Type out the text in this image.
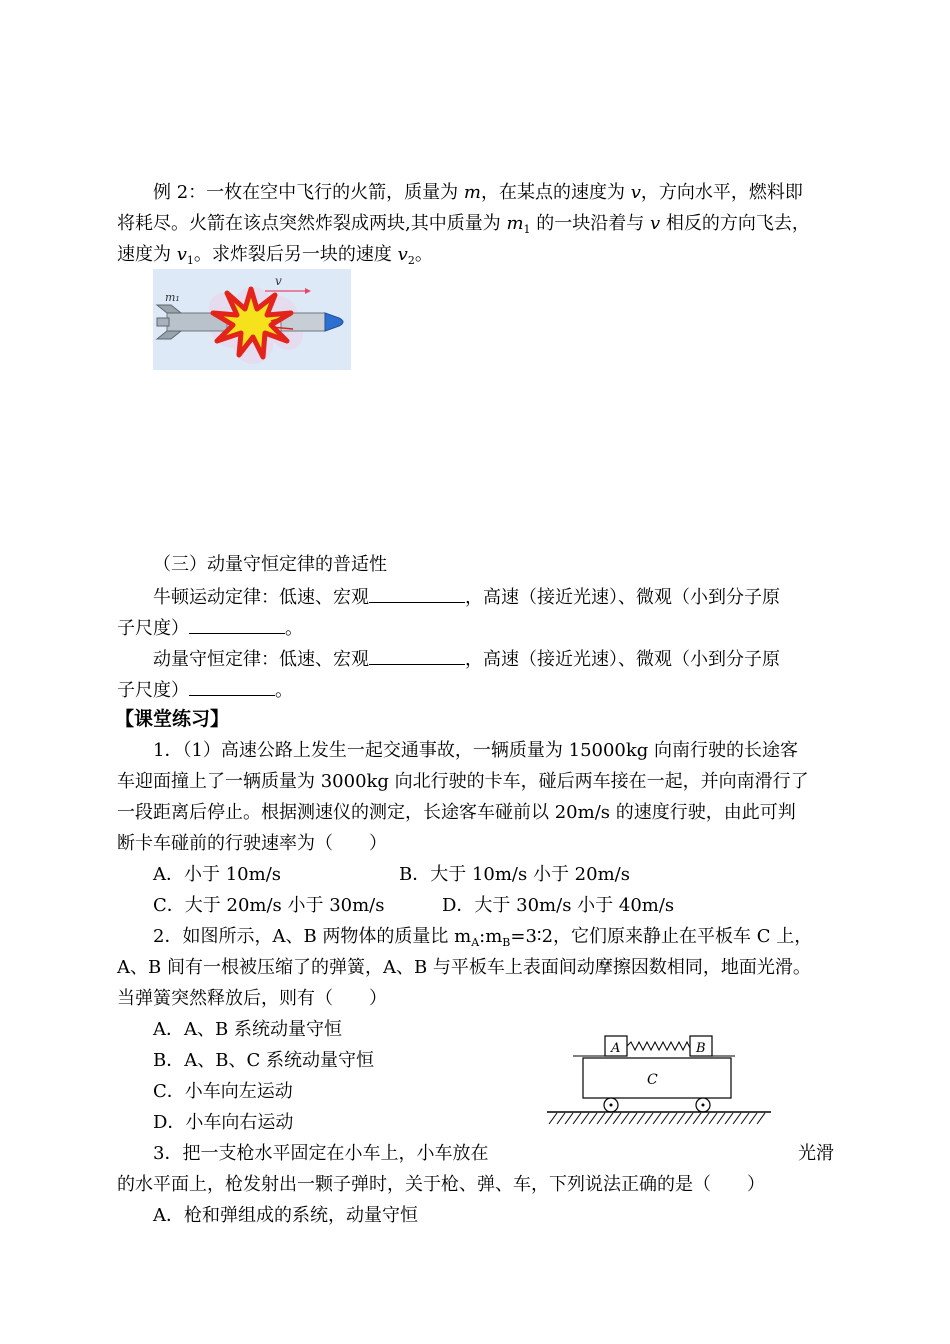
例 2：一枚在空中飞行的火箭，质量为 m，在某点的速度为 v，方向水平，燃料即
将耗尽。火箭在该点突然炸裂成两块,其中质量为 $m_1$ 的一块沿着与 v 相反的方向飞去，
速度为 $v_1$。求炸裂后另一块的速度 $v_2$。
v
m₁
（三）动量守恒定律的普适性
牛顿运动定律：低速、宏观	，高速（接近光速）、微观（小到分子原
子尺度）	。
动量守恒定律：低速、宏观	，高速（接近光速）、微观（小到分子原
子尺度）	。
【课堂练习】
1．（1）高速公路上发生一起交通事故，一辆质量为 15000kg 向南行驶的长途客
车迎面撞上了一辆质量为 3000kg 向北行驶的卡车，碰后两车接在一起，并向南滑行了
一段距离后停止。根据测速仪的测定，长途客车碰前以 20m/s 的速度行驶，由此可判
断卡车碰前的行驶速率为（　　）
A．小于 10m/s	B．大于 10m/s 小于 20m/s
C．大于 20m/s 小于 30m/s	D．大于 30m/s 小于 40m/s
2．如图所示，A、B 两物体的质量比 $m_A:m_B=3∶2$，它们原来静止在平板车 C 上，
A、B 间有一根被压缩了的弹簧，A、B 与平板车上表面间动摩擦因数相同，地面光滑。
当弹簧突然释放后，则有（　　）
A．A、B 系统动量守恒
B．A、B、C 系统动量守恒
C．小车向左运动
D．小车向右运动
A	B
C
3．把一支枪水平固定在小车上，小车放在	光滑
的水平面上，枪发射出一颗子弹时，关于枪、弹、车，下列说法正确的是（　　）
A．枪和弹组成的系统，动量守恒
